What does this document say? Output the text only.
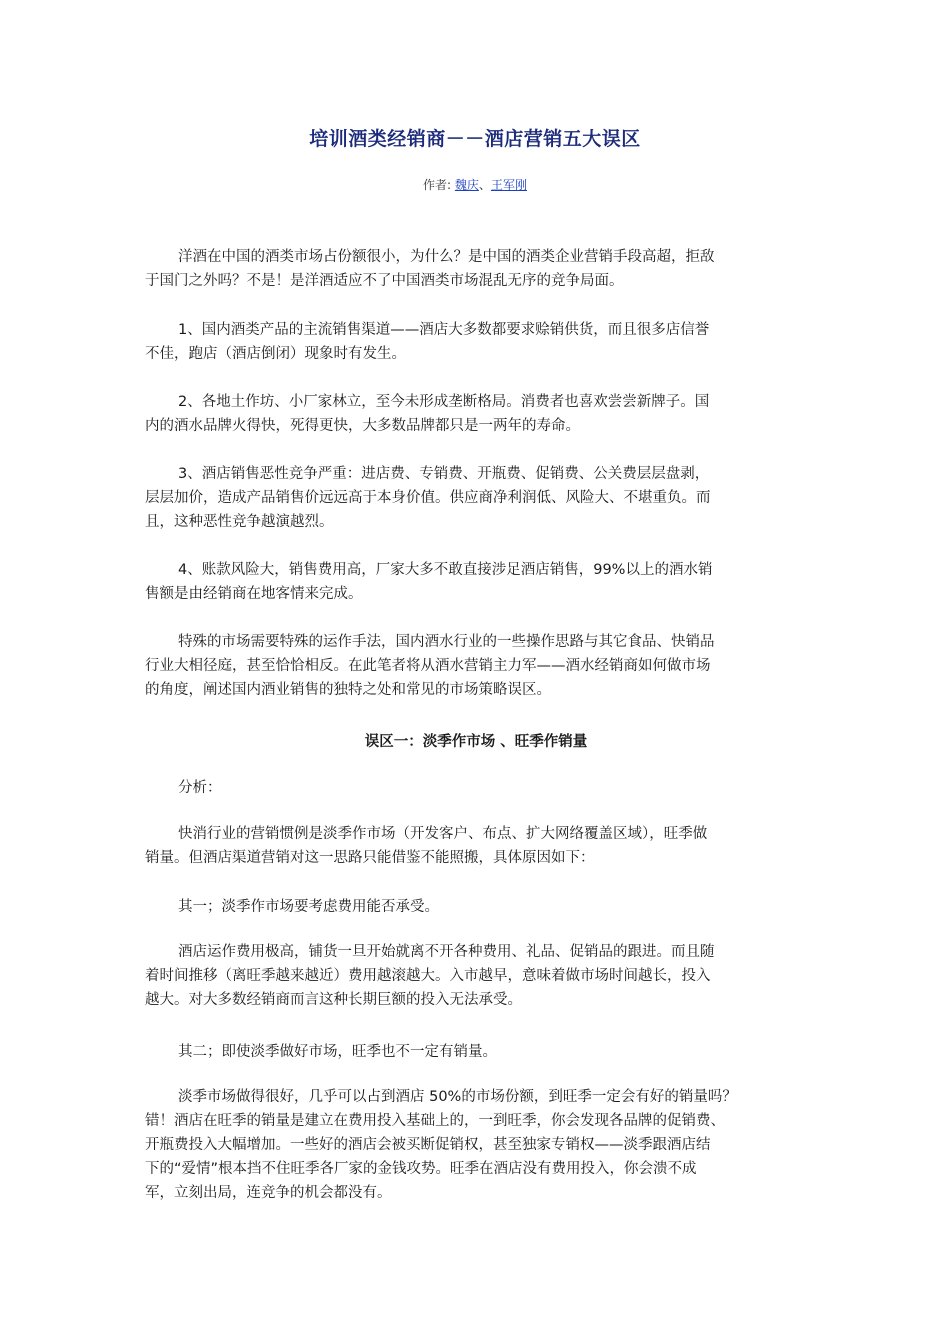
培训酒类经销商－－酒店营销五大误区
作者: 魏庆、王军刚

洋酒在中国的酒类市场占份额很小，为什么？是中国的酒类企业营销手段高超，拒敌
于国门之外吗？不是！是洋酒适应不了中国酒类市场混乱无序的竞争局面。

1、国内酒类产品的主流销售渠道——酒店大多数都要求赊销供货，而且很多店信誉
不佳，跑店（酒店倒闭）现象时有发生。

2、各地土作坊、小厂家林立，至今未形成垄断格局。消费者也喜欢尝尝新牌子。国
内的酒水品牌火得快，死得更快，大多数品牌都只是一两年的寿命。

3、酒店销售恶性竞争严重：进店费、专销费、开瓶费、促销费、公关费层层盘剥，
层层加价，造成产品销售价远远高于本身价值。供应商净利润低、风险大、不堪重负。而
且，这种恶性竞争越演越烈。

4、账款风险大，销售费用高，厂家大多不敢直接涉足酒店销售，99%以上的酒水销
售额是由经销商在地客情来完成。

特殊的市场需要特殊的运作手法，国内酒水行业的一些操作思路与其它食品、快销品
行业大相径庭，甚至恰恰相反。在此笔者将从酒水营销主力军——酒水经销商如何做市场
的角度，阐述国内酒业销售的独特之处和常见的市场策略误区。

误区一：淡季作市场 、旺季作销量

分析：

快消行业的营销惯例是淡季作市场（开发客户、布点、扩大网络覆盖区域），旺季做
销量。但酒店渠道营销对这一思路只能借鉴不能照搬，具体原因如下：

其一；淡季作市场要考虑费用能否承受。

酒店运作费用极高，铺货一旦开始就离不开各种费用、礼品、促销品的跟进。而且随
着时间推移（离旺季越来越近）费用越滚越大。入市越早，意味着做市场时间越长，投入
越大。对大多数经销商而言这种长期巨额的投入无法承受。

其二；即使淡季做好市场，旺季也不一定有销量。

淡季市场做得很好，几乎可以占到酒店 50%的市场份额，到旺季一定会有好的销量吗？
错！酒店在旺季的销量是建立在费用投入基础上的，一到旺季，你会发现各品牌的促销费、
开瓶费投入大幅增加。一些好的酒店会被买断促销权，甚至独家专销权——淡季跟酒店结
下的“爱情”根本挡不住旺季各厂家的金钱攻势。旺季在酒店没有费用投入，你会溃不成
军，立刻出局，连竞争的机会都没有。
